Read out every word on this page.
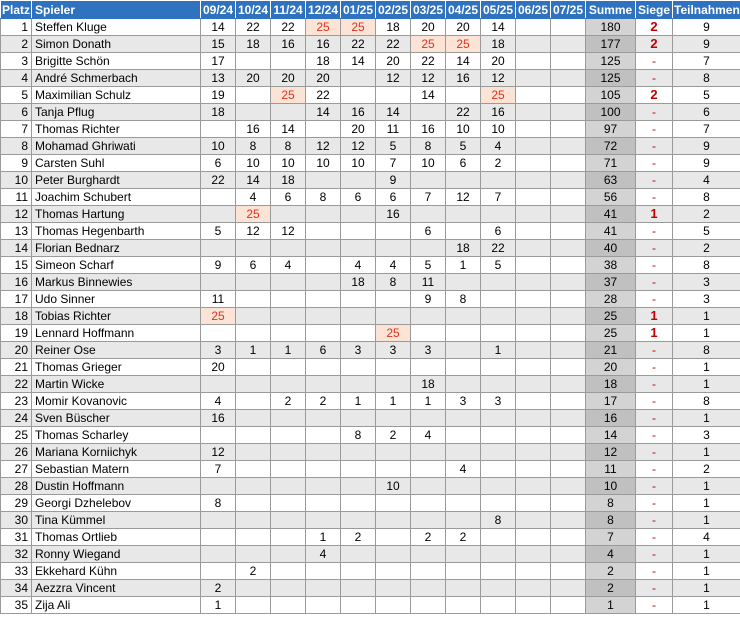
Platz	Spieler	09/24	10/24	11/24	12/24	01/25	02/25	03/25	04/25	05/25	06/25	07/25	Summe	Siege	Teilnahmen
1	Steffen Kluge	14	22	22	25	25	18	20	20	14			180	2	9
2	Simon Donath	15	18	16	16	22	22	25	25	18			177	2	9
3	Brigitte Schön	17			18	14	20	22	14	20			125	-	7
4	André Schmerbach	13	20	20	20		12	12	16	12			125	-	8
5	Maximilian Schulz	19		25	22			14		25			105	2	5
6	Tanja Pflug	18			14	16	14		22	16			100	-	6
7	Thomas Richter		16	14		20	11	16	10	10			97	-	7
8	Mohamad Ghriwati	10	8	8	12	12	5	8	5	4			72	-	9
9	Carsten Suhl	6	10	10	10	10	7	10	6	2			71	-	9
10	Peter Burghardt	22	14	18			9						63	-	4
11	Joachim Schubert		4	6	8	6	6	7	12	7			56	-	8
12	Thomas Hartung		25				16						41	1	2
13	Thomas Hegenbarth	5	12	12				6		6			41	-	5
14	Florian Bednarz								18	22			40	-	2
15	Simeon Scharf	9	6	4		4	4	5	1	5			38	-	8
16	Markus Binnewies					18	8	11					37	-	3
17	Udo Sinner	11						9	8				28	-	3
18	Tobias Richter	25											25	1	1
19	Lennard Hoffmann						25						25	1	1
20	Reiner Ose	3	1	1	6	3	3	3		1			21	-	8
21	Thomas Grieger	20											20	-	1
22	Martin Wicke							18					18	-	1
23	Momir Kovanovic	4		2	2	1	1	1	3	3			17	-	8
24	Sven Büscher	16											16	-	1
25	Thomas Scharley					8	2	4					14	-	3
26	Mariana Korniichyk	12											12	-	1
27	Sebastian Matern	7							4				11	-	2
28	Dustin Hoffmann						10						10	-	1
29	Georgi Dzhelebov	8											8	-	1
30	Tina Kümmel									8			8	-	1
31	Thomas Ortlieb				1	2		2	2				7	-	4
32	Ronny Wiegand				4								4	-	1
33	Ekkehard Kühn		2										2	-	1
34	Aezzra Vincent	2											2	-	1
35	Zija Ali	1											1	-	1
